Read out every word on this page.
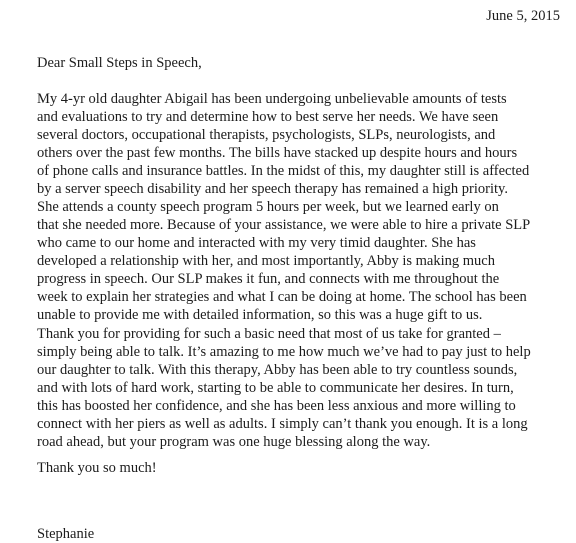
June 5, 2015
Dear Small Steps in Speech,
My 4-yr old daughter Abigail has been undergoing unbelievable amounts of tests
and evaluations to try and determine how to best serve her needs. We have seen
several doctors, occupational therapists, psychologists, SLPs, neurologists, and
others over the past few months. The bills have stacked up despite hours and hours
of phone calls and insurance battles. In the midst of this, my daughter still is affected
by a server speech disability and her speech therapy has remained a high priority.
She attends a county speech program 5 hours per week, but we learned early on
that she needed more. Because of your assistance, we were able to hire a private SLP
who came to our home and interacted with my very timid daughter. She has
developed a relationship with her, and most importantly, Abby is making much
progress in speech. Our SLP makes it fun, and connects with me throughout the
week to explain her strategies and what I can be doing at home. The school has been
unable to provide me with detailed information, so this was a huge gift to us.
Thank you for providing for such a basic need that most of us take for granted –
simply being able to talk. It’s amazing to me how much we’ve had to pay just to help
our daughter to talk. With this therapy, Abby has been able to try countless sounds,
and with lots of hard work, starting to be able to communicate her desires. In turn,
this has boosted her confidence, and she has been less anxious and more willing to
connect with her piers as well as adults. I simply can’t thank you enough. It is a long
road ahead, but your program was one huge blessing along the way.
Thank you so much!
Stephanie
